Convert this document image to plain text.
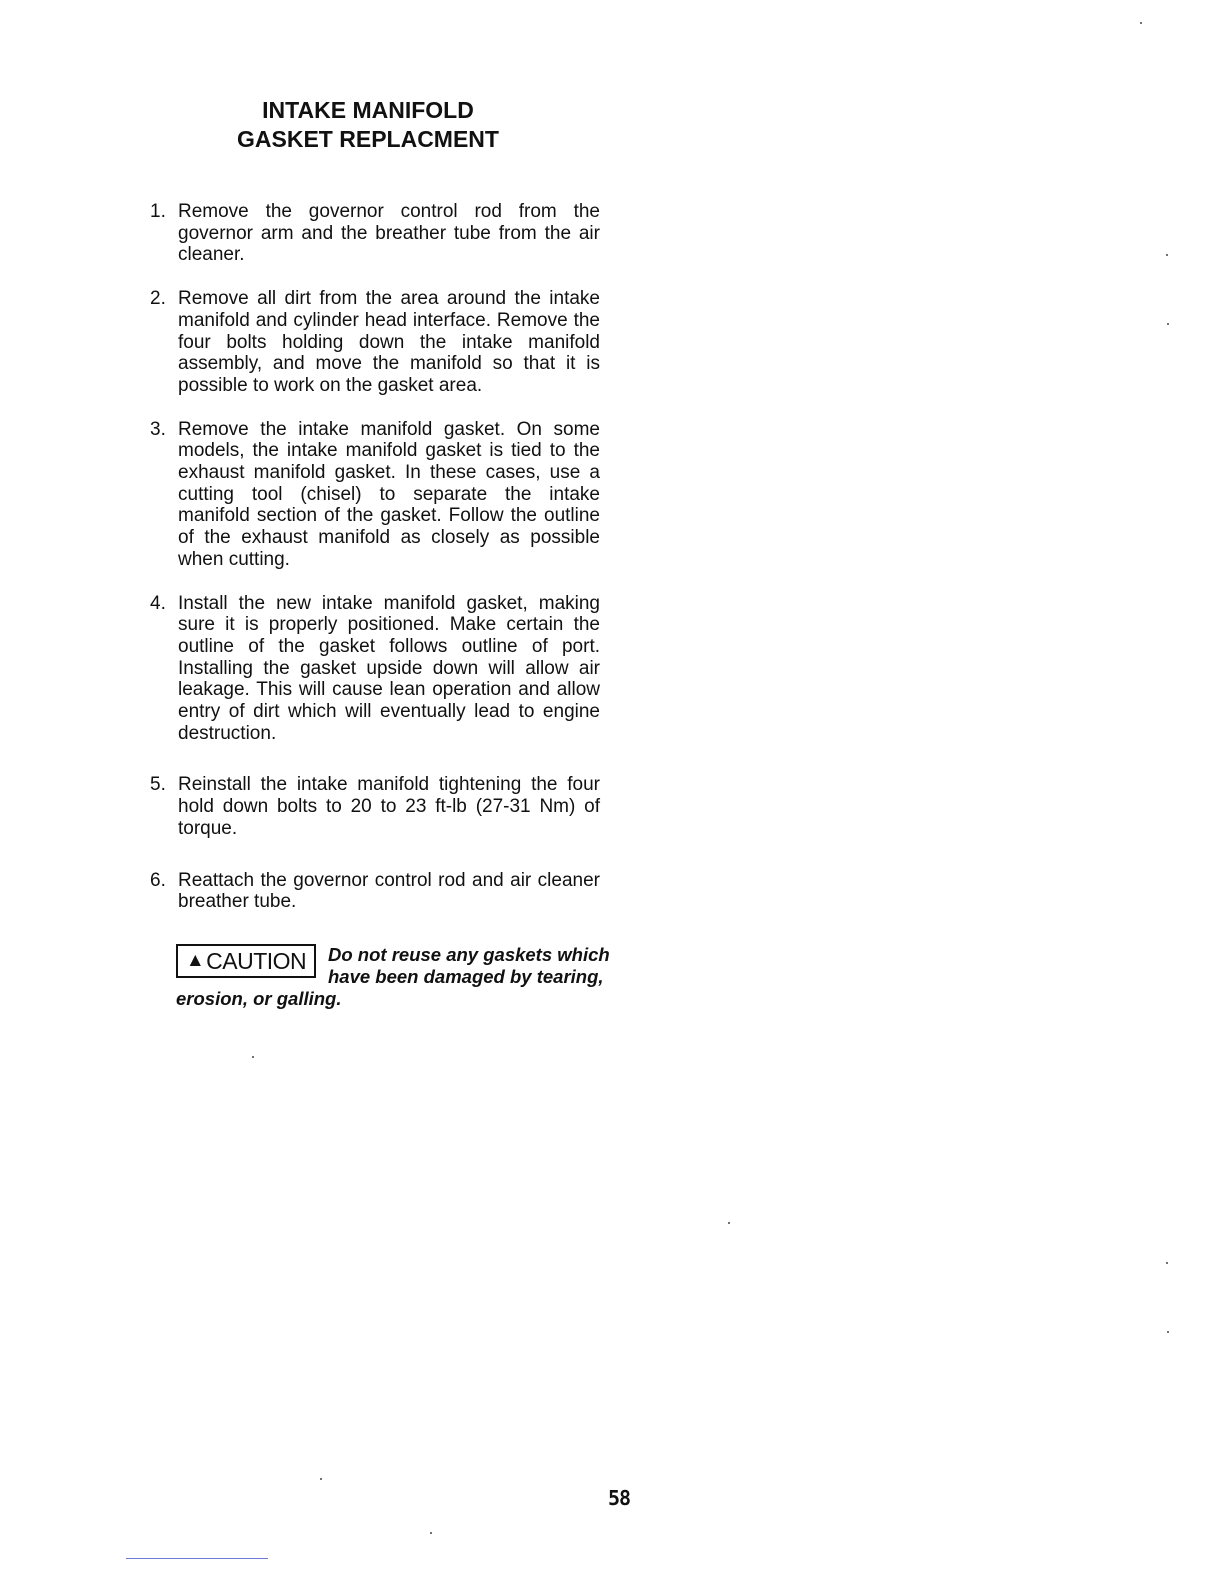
INTAKE MANIFOLD
GASKET REPLACMENT
1. Remove the governor control rod from the governor arm and the breather tube from the air cleaner.
2. Remove all dirt from the area around the intake manifold and cylinder head interface. Remove the four bolts holding down the intake manifold assembly, and move the manifold so that it is possible to work on the gasket area.
3. Remove the intake manifold gasket. On some models, the intake manifold gasket is tied to the exhaust manifold gasket. In these cases, use a cutting tool (chisel) to separate the intake manifold section of the gasket. Follow the outline of the exhaust manifold as closely as possible when cutting.
4. Install the new intake manifold gasket, making sure it is properly positioned. Make certain the outline of the gasket follows outline of port. Installing the gasket upside down will allow air leakage. This will cause lean operation and allow entry of dirt which will eventually lead to engine destruction.
5. Reinstall the intake manifold tightening the four hold down bolts to 20 to 23 ft-lb (27-31 Nm) of torque.
6. Reattach the governor control rod and air cleaner breather tube.
▲ CAUTION Do not reuse any gaskets which
have been damaged by tearing,
erosion, or galling.
58
